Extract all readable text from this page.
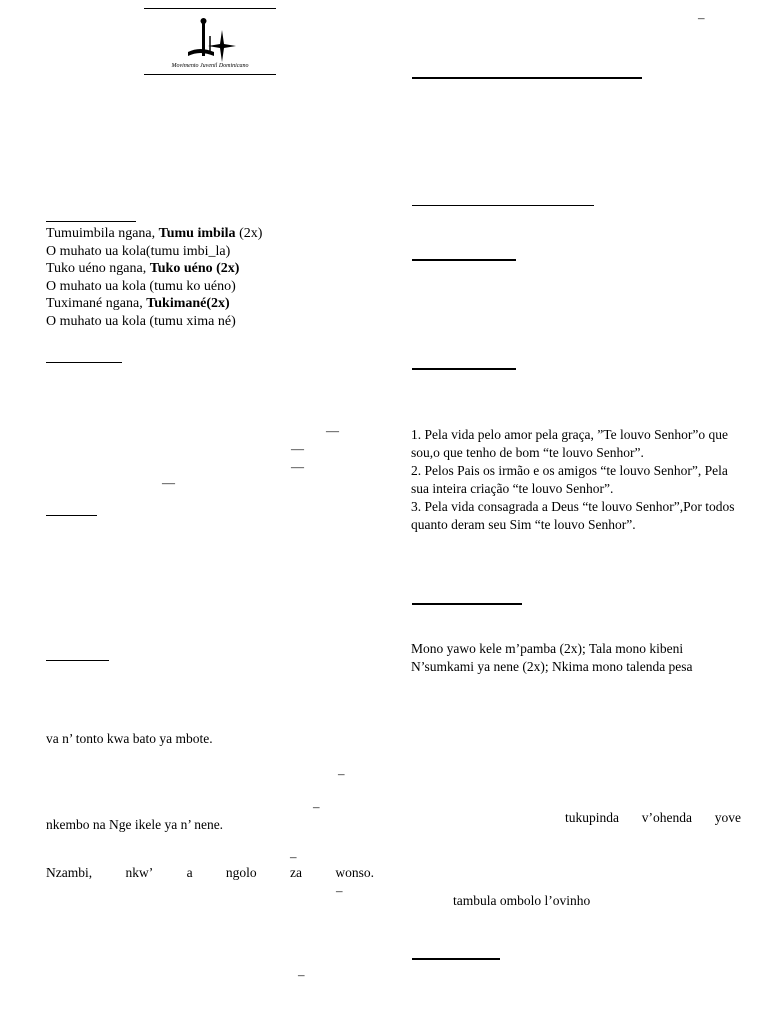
Movimento Juvenil Dominicano
Tumuimbila ngana, Tumu imbila (2x)
O muhato ua kola(tumu imbi_la)
Tuko uéno ngana, Tuko uéno (2x)
O muhato ua kola (tumu ko uéno)
Tuximané ngana, Tukimané(2x)
O muhato ua kola (tumu xima né)
—
—
—
—
–
–
–
–
–
va n’ tonto kwa bato ya mbote.
nkembo na Nge ikele ya n’ nene.
Nzambi, nkw’ a ngolo za wonso.
–
1. Pela vida pelo amor pela graça, ”Te louvo Senhor”o que sou,o que tenho de bom “te louvo Senhor”.
2. Pelos Pais os irmão e os amigos “te louvo Senhor”, Pela sua inteira criação “te louvo Senhor”.
3. Pela vida consagrada a Deus “te louvo Senhor”,Por todos quanto deram seu Sim “te louvo Senhor”.
Mono yawo kele m’pamba (2x); Tala mono kibeni N’sumkami ya nene (2x); Nkima mono talenda pesa
tukupinda v’ohenda yove
tambula ombolo l’ovinho
